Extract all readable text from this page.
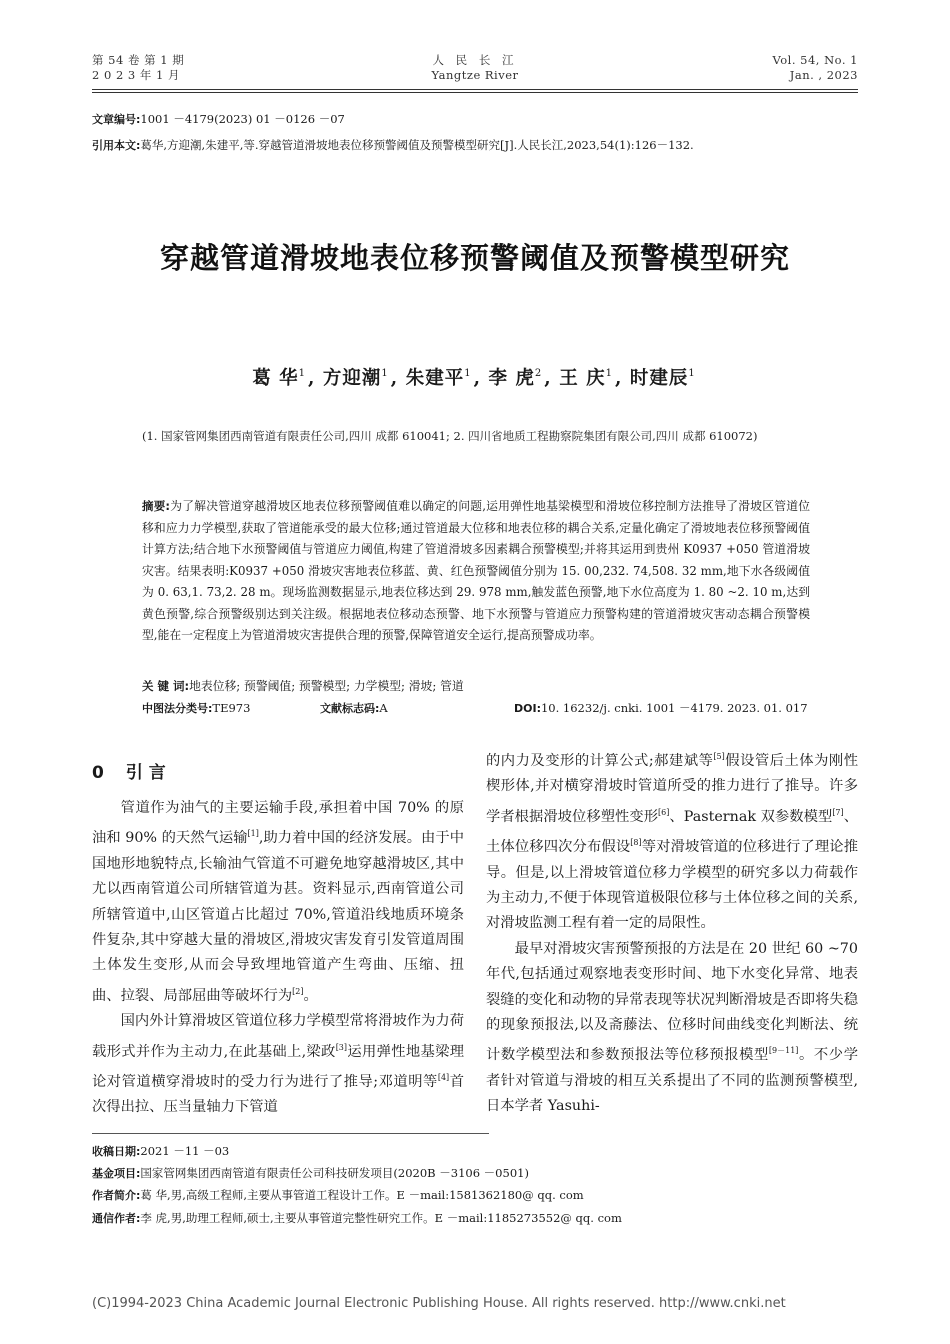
第 54 卷 第 1 期
2 0 2 3 年 1 月
人 民 长 江
Yangtze River
Vol. 54, No. 1
Jan. , 2023
文章编号:1001 －4179(2023) 01 －0126 －07
引用本文:葛华,方迎潮,朱建平,等.穿越管道滑坡地表位移预警阈值及预警模型研究[J].人民长江,2023,54(1):126－132.
穿越管道滑坡地表位移预警阈值及预警模型研究
葛 华$^1$ , 方迎潮$^1$ , 朱建平$^1$ , 李 虎$^2$ , 王 庆$^1$ , 时建辰$^1$
(1. 国家管网集团西南管道有限责任公司,四川 成都 610041; 2. 四川省地质工程勘察院集团有限公司,四川 成都 610072)
摘要:为了解决管道穿越滑坡区地表位移预警阈值难以确定的问题,运用弹性地基梁模型和滑坡位移控制方法推导了滑坡区管道位移和应力力学模型,获取了管道能承受的最大位移;通过管道最大位移和地表位移的耦合关系,定量化确定了滑坡地表位移预警阈值计算方法;结合地下水预警阈值与管道应力阈值,构建了管道滑坡多因素耦合预警模型;并将其运用到贵州 K0937 +050 管道滑坡灾害。结果表明:K0937 +050 滑坡灾害地表位移蓝、黄、红色预警阈值分别为 15. 00,232. 74,508. 32 mm,地下水各级阈值为 0. 63,1. 73,2. 28 m。现场监测数据显示,地表位移达到 29. 978 mm,触发蓝色预警,地下水位高度为 1. 80 ~2. 10 m,达到黄色预警,综合预警级别达到关注级。根据地表位移动态预警、地下水预警与管道应力预警构建的管道滑坡灾害动态耦合预警模型,能在一定程度上为管道滑坡灾害提供合理的预警,保障管道安全运行,提高预警成功率。
关 键 词:地表位移; 预警阈值; 预警模型; 力学模型; 滑坡; 管道
中图法分类号:TE973	文献标志码:A	DOI:10. 16232/j. cnki. 1001 －4179. 2023. 01. 017
0 引 言

管道作为油气的主要运输手段,承担着中国 70% 的原油和 90% 的天然气运输[1],助力着中国的经济发展。由于中国地形地貌特点,长输油气管道不可避免地穿越滑坡区,其中尤以西南管道公司所辖管道为甚。资料显示,西南管道公司所辖管道中,山区管道占比超过 70%,管道沿线地质环境条件复杂,其中穿越大量的滑坡区,滑坡灾害发育引发管道周围土体发生变形,从而会导致埋地管道产生弯曲、压缩、扭曲、拉裂、局部屈曲等破坏行为[2]。

国内外计算滑坡区管道位移力学模型常将滑坡作为力荷载形式并作为主动力,在此基础上,梁政[3]运用弹性地基梁理论对管道横穿滑坡时的受力行为进行了推导;邓道明等[4]首次得出拉、压当量轴力下管道

的内力及变形的计算公式;郝建斌等[5]假设管后土体为刚性楔形体,并对横穿滑坡时管道所受的推力进行了推导。许多学者根据滑坡位移塑性变形[6]、Pasternak 双参数模型[7]、土体位移四次分布假设[8]等对滑坡管道的位移进行了理论推导。但是,以上滑坡管道位移力学模型的研究多以力荷载作为主动力,不便于体现管道极限位移与土体位移之间的关系,对滑坡监测工程有着一定的局限性。

最早对滑坡灾害预警预报的方法是在 20 世纪 60 ~70 年代,包括通过观察地表变形时间、地下水变化异常、地表裂缝的变化和动物的异常表现等状况判断滑坡是否即将失稳的现象预报法,以及斋藤法、位移时间曲线变化判断法、统计数学模型法和参数预报法等位移预报模型[9－11]。不少学者针对管道与滑坡的相互关系提出了不同的监测预警模型,日本学者 Yasuhi-

收稿日期:2021 －11 －03
基金项目:国家管网集团西南管道有限责任公司科技研发项目(2020B －3106 －0501)
作者简介:葛 华,男,高级工程师,主要从事管道工程设计工作。E －mail:1581362180@ qq. com
通信作者:李 虎,男,助理工程师,硕士,主要从事管道完整性研究工作。E －mail:1185273552@ qq. com
(C)1994-2023 China Academic Journal Electronic Publishing House. All rights reserved. http://www.cnki.net
